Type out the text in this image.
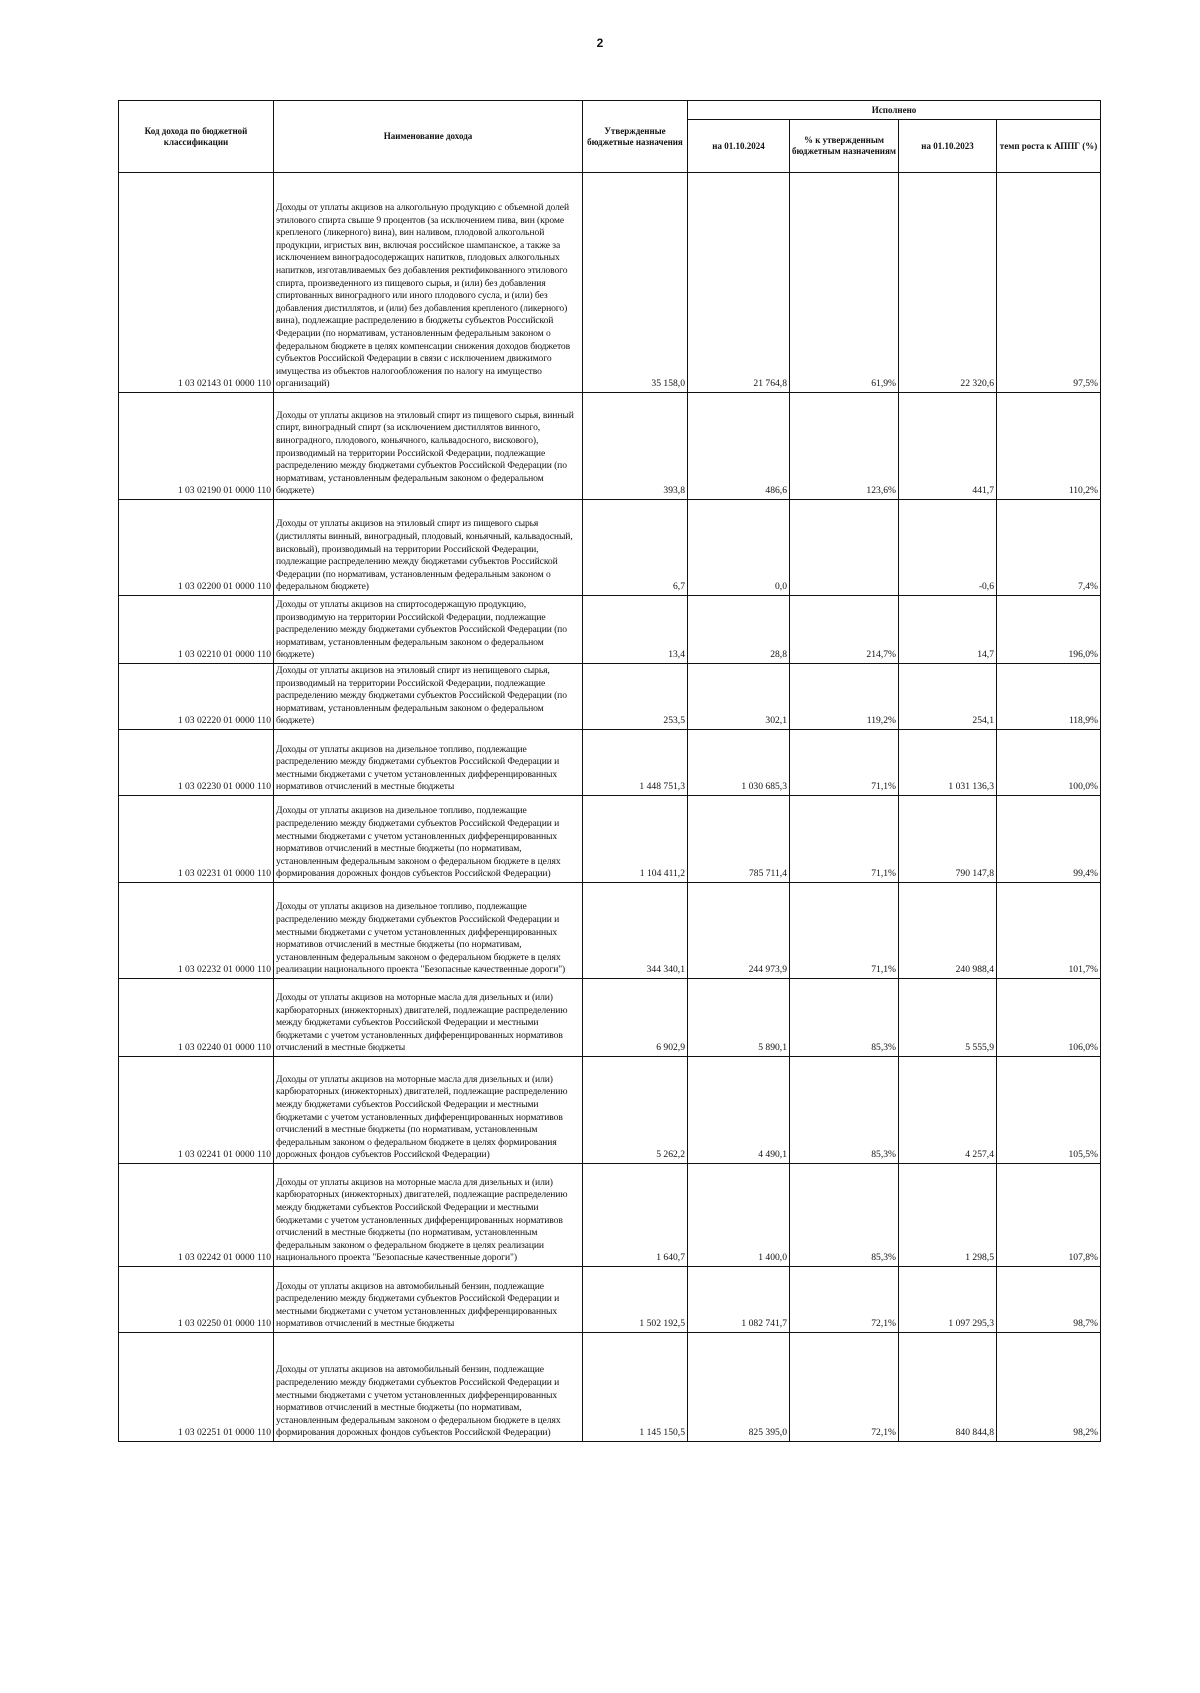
2
Код дохода по бюджетной классификации	Наименование дохода	Утвержденные бюджетные назначения	Исполнено			
			на 01.10.2024	% к утвержденным бюджетным назначениям	на 01.10.2023	темп роста к АППГ (%)
1 03 02143 01 0000 110	Доходы от уплаты акцизов на алкогольную продукцию с объемной долей этилового спирта свыше 9 процентов (за исключением пива, вин (кроме крепленого (ликерного) вина), вин наливом, плодовой алкогольной продукции, игристых вин, включая российское шампанское, а также за исключением виноградосодержащих напитков, плодовых алкогольных напитков, изготавливаемых без добавления ректификованного этилового спирта, произведенного из пищевого сырья, и (или) без добавления спиртованных виноградного или иного плодового сусла, и (или) без добавления дистиллятов, и (или) без добавления крепленого (ликерного) вина), подлежащие распределению в бюджеты субъектов Российской Федерации (по нормативам, установленным федеральным законом о федеральном бюджете в целях компенсации снижения доходов бюджетов субъектов Российской Федерации в связи с исключением движимого имущества из объектов налогообложения по налогу на имущество организаций)	35 158,0	21 764,8	61,9%	22 320,6	97,5%
1 03 02190 01 0000 110	Доходы от уплаты акцизов на этиловый спирт из пищевого сырья, винный спирт, виноградный спирт (за исключением дистиллятов винного, виноградного, плодового, коньячного, кальвадосного, вискового), производимый на территории Российской Федерации, подлежащие распределению между бюджетами субъектов Российской Федерации (по нормативам, установленным федеральным законом о федеральном бюджете)	393,8	486,6	123,6%	441,7	110,2%
1 03 02200 01 0000 110	Доходы от уплаты акцизов на этиловый спирт из пищевого сырья (дистилляты винный, виноградный, плодовый, коньячный, кальвадосный, висковый), производимый на территории Российской Федерации, подлежащие распределению между бюджетами субъектов Российской Федерации (по нормативам, установленным федеральным законом о федеральном бюджете)	6,7	0,0		-0,6	7,4%
1 03 02210 01 0000 110	Доходы от уплаты акцизов на спиртосодержащую продукцию, производимую на территории Российской Федерации, подлежащие распределению между бюджетами субъектов Российской Федерации (по нормативам, установленным федеральным законом о федеральном бюджете)	13,4	28,8	214,7%	14,7	196,0%
1 03 02220 01 0000 110	Доходы от уплаты акцизов на этиловый спирт из непищевого сырья, производимый на территории Российской Федерации, подлежащие распределению между бюджетами субъектов Российской Федерации (по нормативам, установленным федеральным законом о федеральном бюджете)	253,5	302,1	119,2%	254,1	118,9%
1 03 02230 01 0000 110	Доходы от уплаты акцизов на дизельное топливо, подлежащие распределению между бюджетами субъектов Российской Федерации и местными бюджетами с учетом установленных дифференцированных нормативов отчислений в местные бюджеты	1 448 751,3	1 030 685,3	71,1%	1 031 136,3	100,0%
1 03 02231 01 0000 110	Доходы от уплаты акцизов на дизельное топливо, подлежащие распределению между бюджетами субъектов Российской Федерации и местными бюджетами с учетом установленных дифференцированных нормативов отчислений в местные бюджеты (по нормативам, установленным федеральным законом о федеральном бюджете в целях формирования дорожных фондов субъектов Российской Федерации)	1 104 411,2	785 711,4	71,1%	790 147,8	99,4%
1 03 02232 01 0000 110	Доходы от уплаты акцизов на дизельное топливо, подлежащие распределению между бюджетами субъектов Российской Федерации и местными бюджетами с учетом установленных дифференцированных нормативов отчислений в местные бюджеты (по нормативам, установленным федеральным законом о федеральном бюджете в целях реализации национального проекта "Безопасные качественные дороги")	344 340,1	244 973,9	71,1%	240 988,4	101,7%
1 03 02240 01 0000 110	Доходы от уплаты акцизов на моторные масла для дизельных и (или) карбюраторных (инжекторных) двигателей, подлежащие распределению между бюджетами субъектов Российской Федерации и местными бюджетами с учетом установленных дифференцированных нормативов отчислений в местные бюджеты	6 902,9	5 890,1	85,3%	5 555,9	106,0%
1 03 02241 01 0000 110	Доходы от уплаты акцизов на моторные масла для дизельных и (или) карбюраторных (инжекторных) двигателей, подлежащие распределению между бюджетами субъектов Российской Федерации и местными бюджетами с учетом установленных дифференцированных нормативов отчислений в местные бюджеты (по нормативам, установленным федеральным законом о федеральном бюджете в целях формирования дорожных фондов субъектов Российской Федерации)	5 262,2	4 490,1	85,3%	4 257,4	105,5%
1 03 02242 01 0000 110	Доходы от уплаты акцизов на моторные масла для дизельных и (или) карбюраторных (инжекторных) двигателей, подлежащие распределению между бюджетами субъектов Российской Федерации и местными бюджетами с учетом установленных дифференцированных нормативов отчислений в местные бюджеты (по нормативам, установленным федеральным законом о федеральном бюджете в целях реализации национального проекта "Безопасные качественные дороги")	1 640,7	1 400,0	85,3%	1 298,5	107,8%
1 03 02250 01 0000 110	Доходы от уплаты акцизов на автомобильный бензин, подлежащие распределению между бюджетами субъектов Российской Федерации и местными бюджетами с учетом установленных дифференцированных нормативов отчислений в местные бюджеты	1 502 192,5	1 082 741,7	72,1%	1 097 295,3	98,7%
1 03 02251 01 0000 110	Доходы от уплаты акцизов на автомобильный бензин, подлежащие распределению между бюджетами субъектов Российской Федерации и местными бюджетами с учетом установленных дифференцированных нормативов отчислений в местные бюджеты (по нормативам, установленным федеральным законом о федеральном бюджете в целях формирования дорожных фондов субъектов Российской Федерации)	1 145 150,5	825 395,0	72,1%	840 844,8	98,2%
